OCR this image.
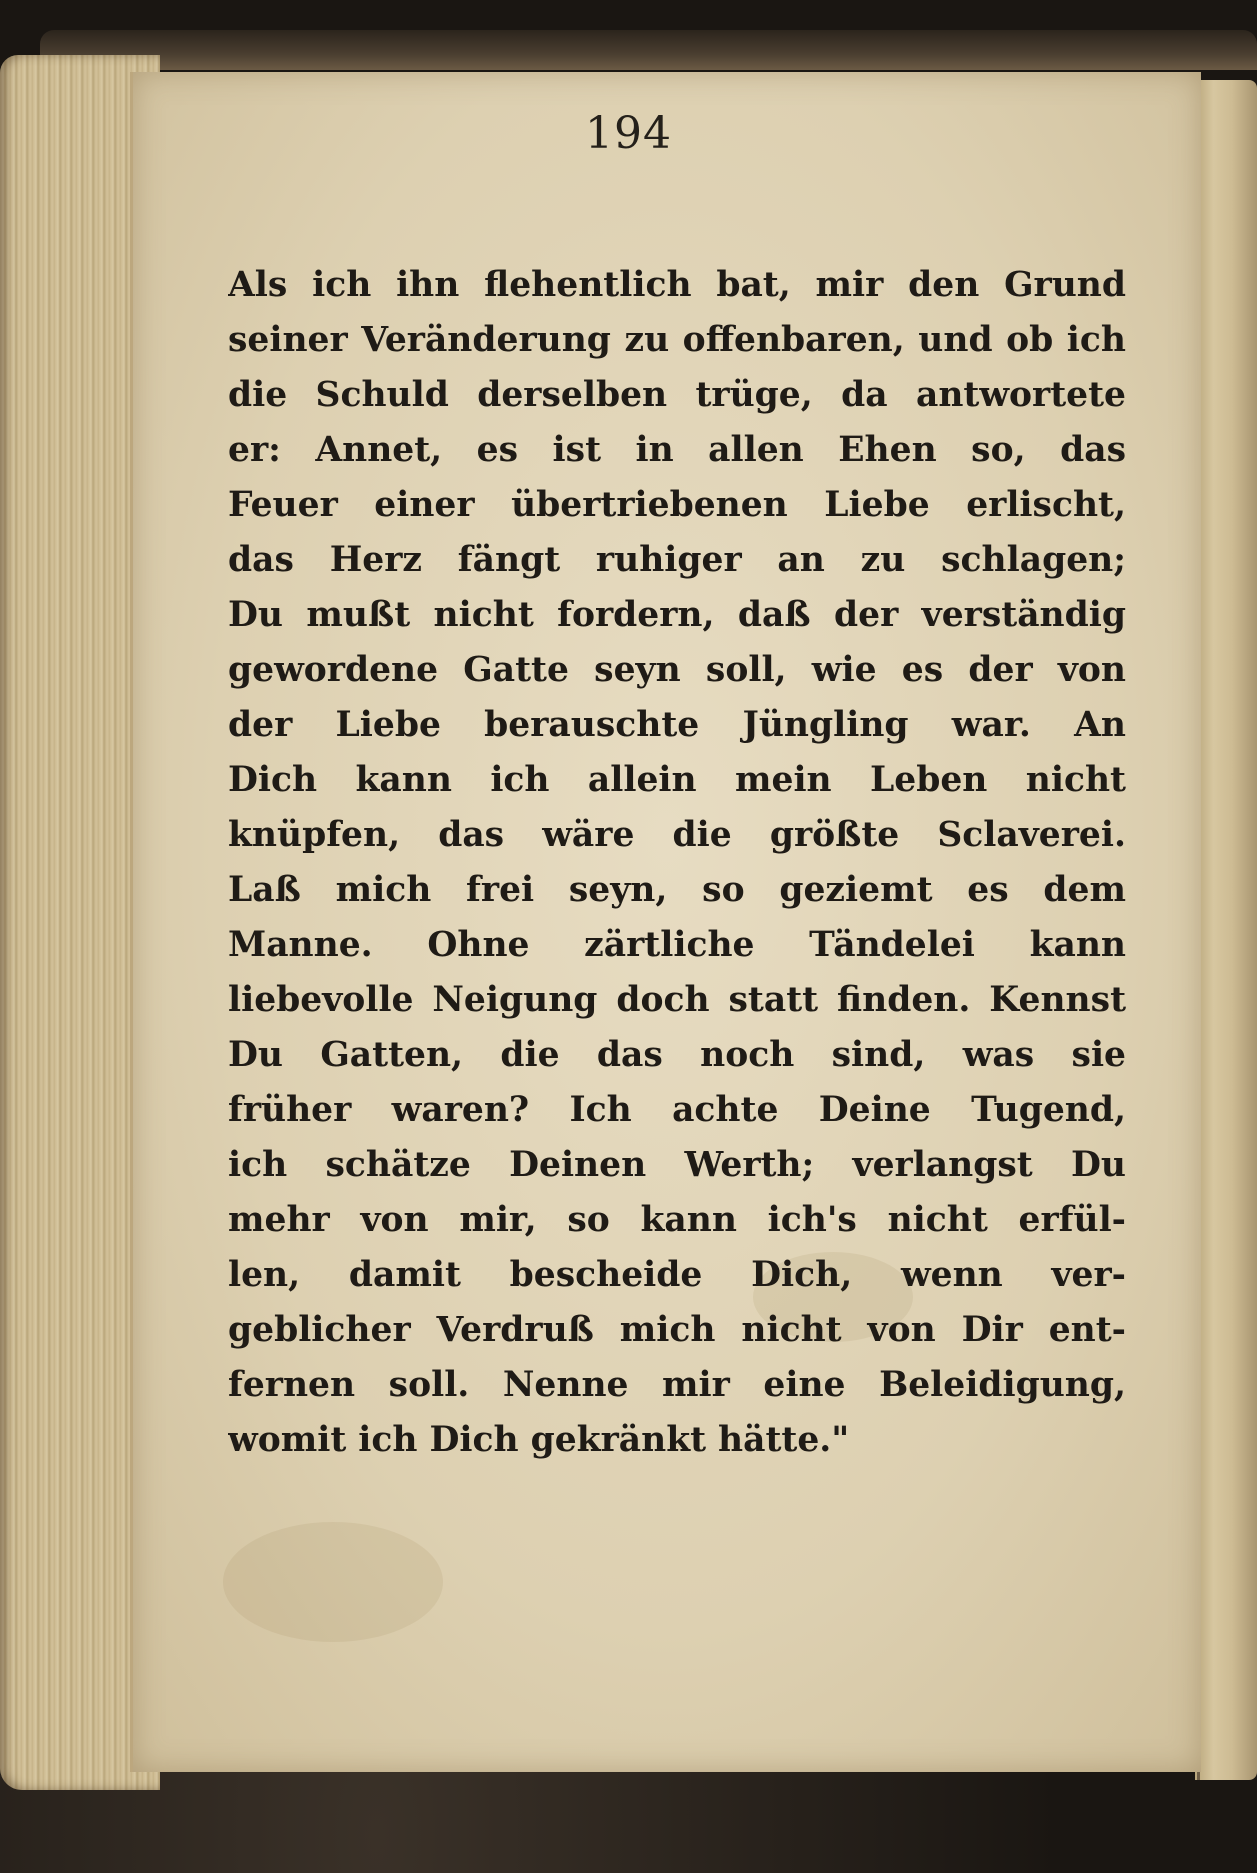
194
Als ich ihn flehentlich bat, mir den Grund
seiner Veränderung zu offenbaren, und ob ich
die Schuld derselben trüge, da antwortete
er: Annet, es ist in allen Ehen so, das
Feuer einer übertriebenen Liebe erlischt,
das Herz fängt ruhiger an zu schlagen;
Du mußt nicht fordern, daß der verständig
gewordene Gatte seyn soll, wie es der von
der Liebe berauschte Jüngling war. An
Dich kann ich allein mein Leben nicht
knüpfen, das wäre die größte Sclaverei.
Laß mich frei seyn, so geziemt es dem
Manne. Ohne zärtliche Tändelei kann
liebevolle Neigung doch statt finden. Kennst
Du Gatten, die das noch sind, was sie
früher waren? Ich achte Deine Tugend,
ich schätze Deinen Werth; verlangst Du
mehr von mir, so kann ich's nicht erfül-
len, damit bescheide Dich, wenn ver-
geblicher Verdruß mich nicht von Dir ent-
fernen soll. Nenne mir eine Beleidigung,
womit ich Dich gekränkt hätte."
